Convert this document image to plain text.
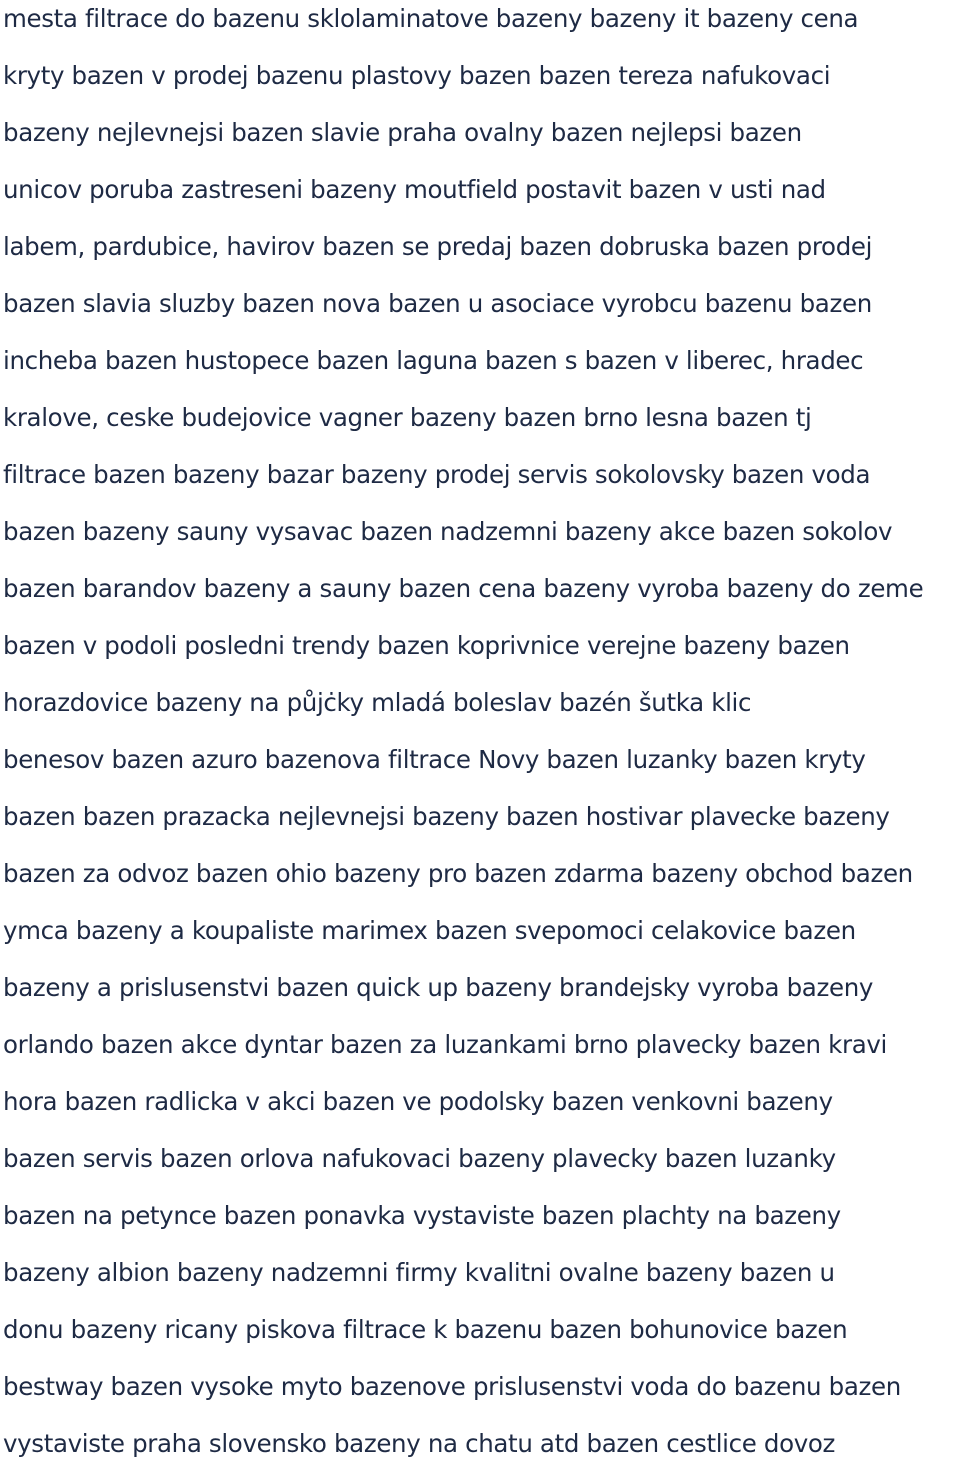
mesta filtrace do bazenu sklolaminatove bazeny bazeny it bazeny cena
kryty bazen v prodej bazenu plastovy bazen bazen tereza nafukovaci
bazeny nejlevnejsi bazen slavie praha ovalny bazen nejlepsi bazen
unicov poruba zastreseni bazeny moutfield postavit bazen v usti nad
labem, pardubice, havirov bazen se predaj bazen dobruska bazen prodej
bazen slavia sluzby bazen nova bazen u asociace vyrobcu bazenu bazen
incheba bazen hustopece bazen laguna bazen s bazen v liberec, hradec
kralove, ceske budejovice vagner bazeny bazen brno lesna bazen tj
filtrace bazen bazeny bazar bazeny prodej servis sokolovsky bazen voda
bazen bazeny sauny vysavac bazen nadzemni bazeny akce bazen sokolov
bazen barandov bazeny a sauny bazen cena bazeny vyroba bazeny do zeme
bazen v podoli posledni trendy bazen koprivnice verejne bazeny bazen
horazdovice bazeny na půjċky mladá boleslav bazén šutka klic
benesov bazen azuro bazenova filtrace Novy bazen luzanky bazen kryty
bazen bazen prazacka nejlevnejsi bazeny bazen hostivar plavecke bazeny
bazen za odvoz bazen ohio bazeny pro bazen zdarma bazeny obchod bazen
ymca bazeny a koupaliste marimex bazen svepomoci celakovice bazen
bazeny a prislusenstvi bazen quick up bazeny brandejsky vyroba bazeny
orlando bazen akce dyntar bazen za luzankami brno plavecky bazen kravi
hora bazen radlicka v akci bazen ve podolsky bazen venkovni bazeny
bazen servis bazen orlova nafukovaci bazeny plavecky bazen luzanky
bazen na petynce bazen ponavka vystaviste bazen plachty na bazeny
bazeny albion bazeny nadzemni firmy kvalitni ovalne bazeny bazen u
donu bazeny ricany piskova filtrace k bazenu bazen bohunovice bazen
bestway bazen vysoke myto bazenove prislusenstvi voda do bazenu bazen
vystaviste praha slovensko bazeny na chatu atd bazen cestlice dovoz
